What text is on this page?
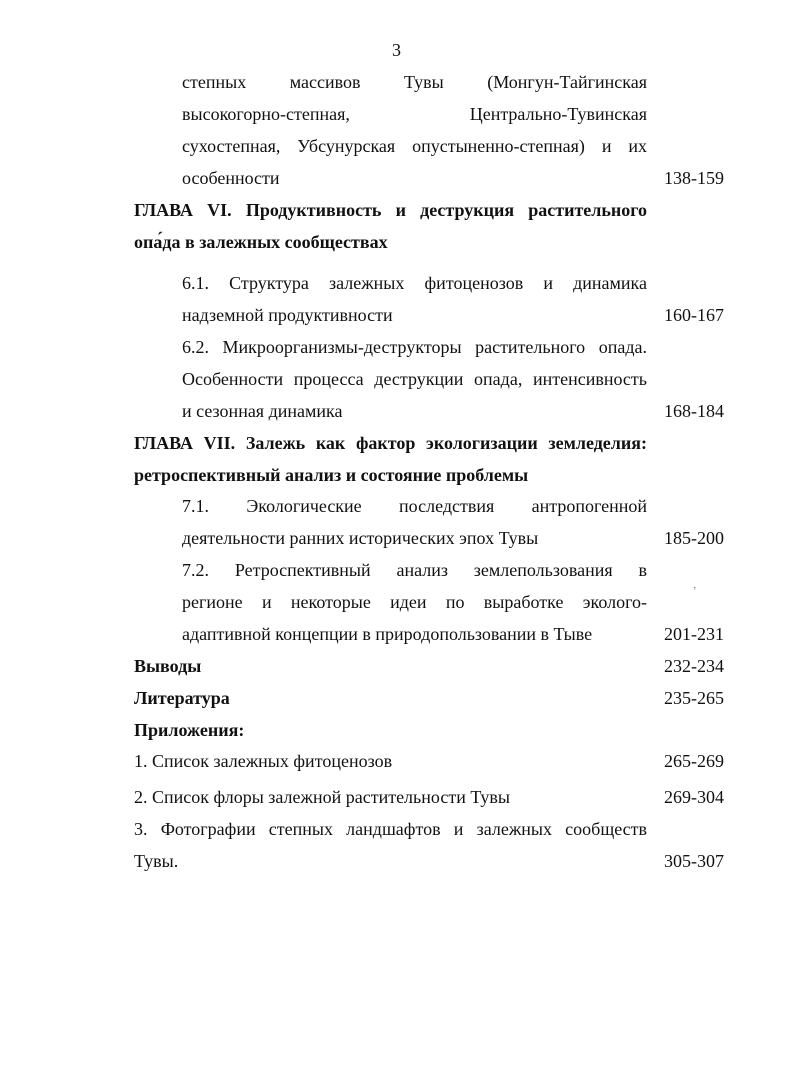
3
степных массивов Тувы (Монгун-Тайгинская
высокогорно-степная, Центрально-Тувинская
сухостепная, Убсунурская опустыненно-степная) и их
особенности	138-159
ГЛАВА VI. Продуктивность и деструкция растительного
опа́да в залежных сообществах
6.1. Структура залежных фитоценозов и динамика
надземной продуктивности	160-167
6.2. Микроорганизмы-деструкторы растительного опада.
Особенности процесса деструкции опада, интенсивность
и сезонная динамика	168-184
ГЛАВА VII. Залежь как фактор экологизации земледелия:
ретроспективный анализ и состояние проблемы
7.1. Экологические последствия антропогенной
деятельности ранних исторических эпох Тувы	185-200
7.2. Ретроспективный анализ землепользования в
ʼ
регионе и некоторые идеи по выработке эколого-
адаптивной концепции в природопользовании в Тыве	201-231
Выводы	232-234
Литература	235-265
Приложения:
1. Список залежных фитоценозов	265-269
2. Список флоры залежной растительности Тувы	269-304
3. Фотографии степных ландшафтов и залежных сообществ
Тувы.	305-307
